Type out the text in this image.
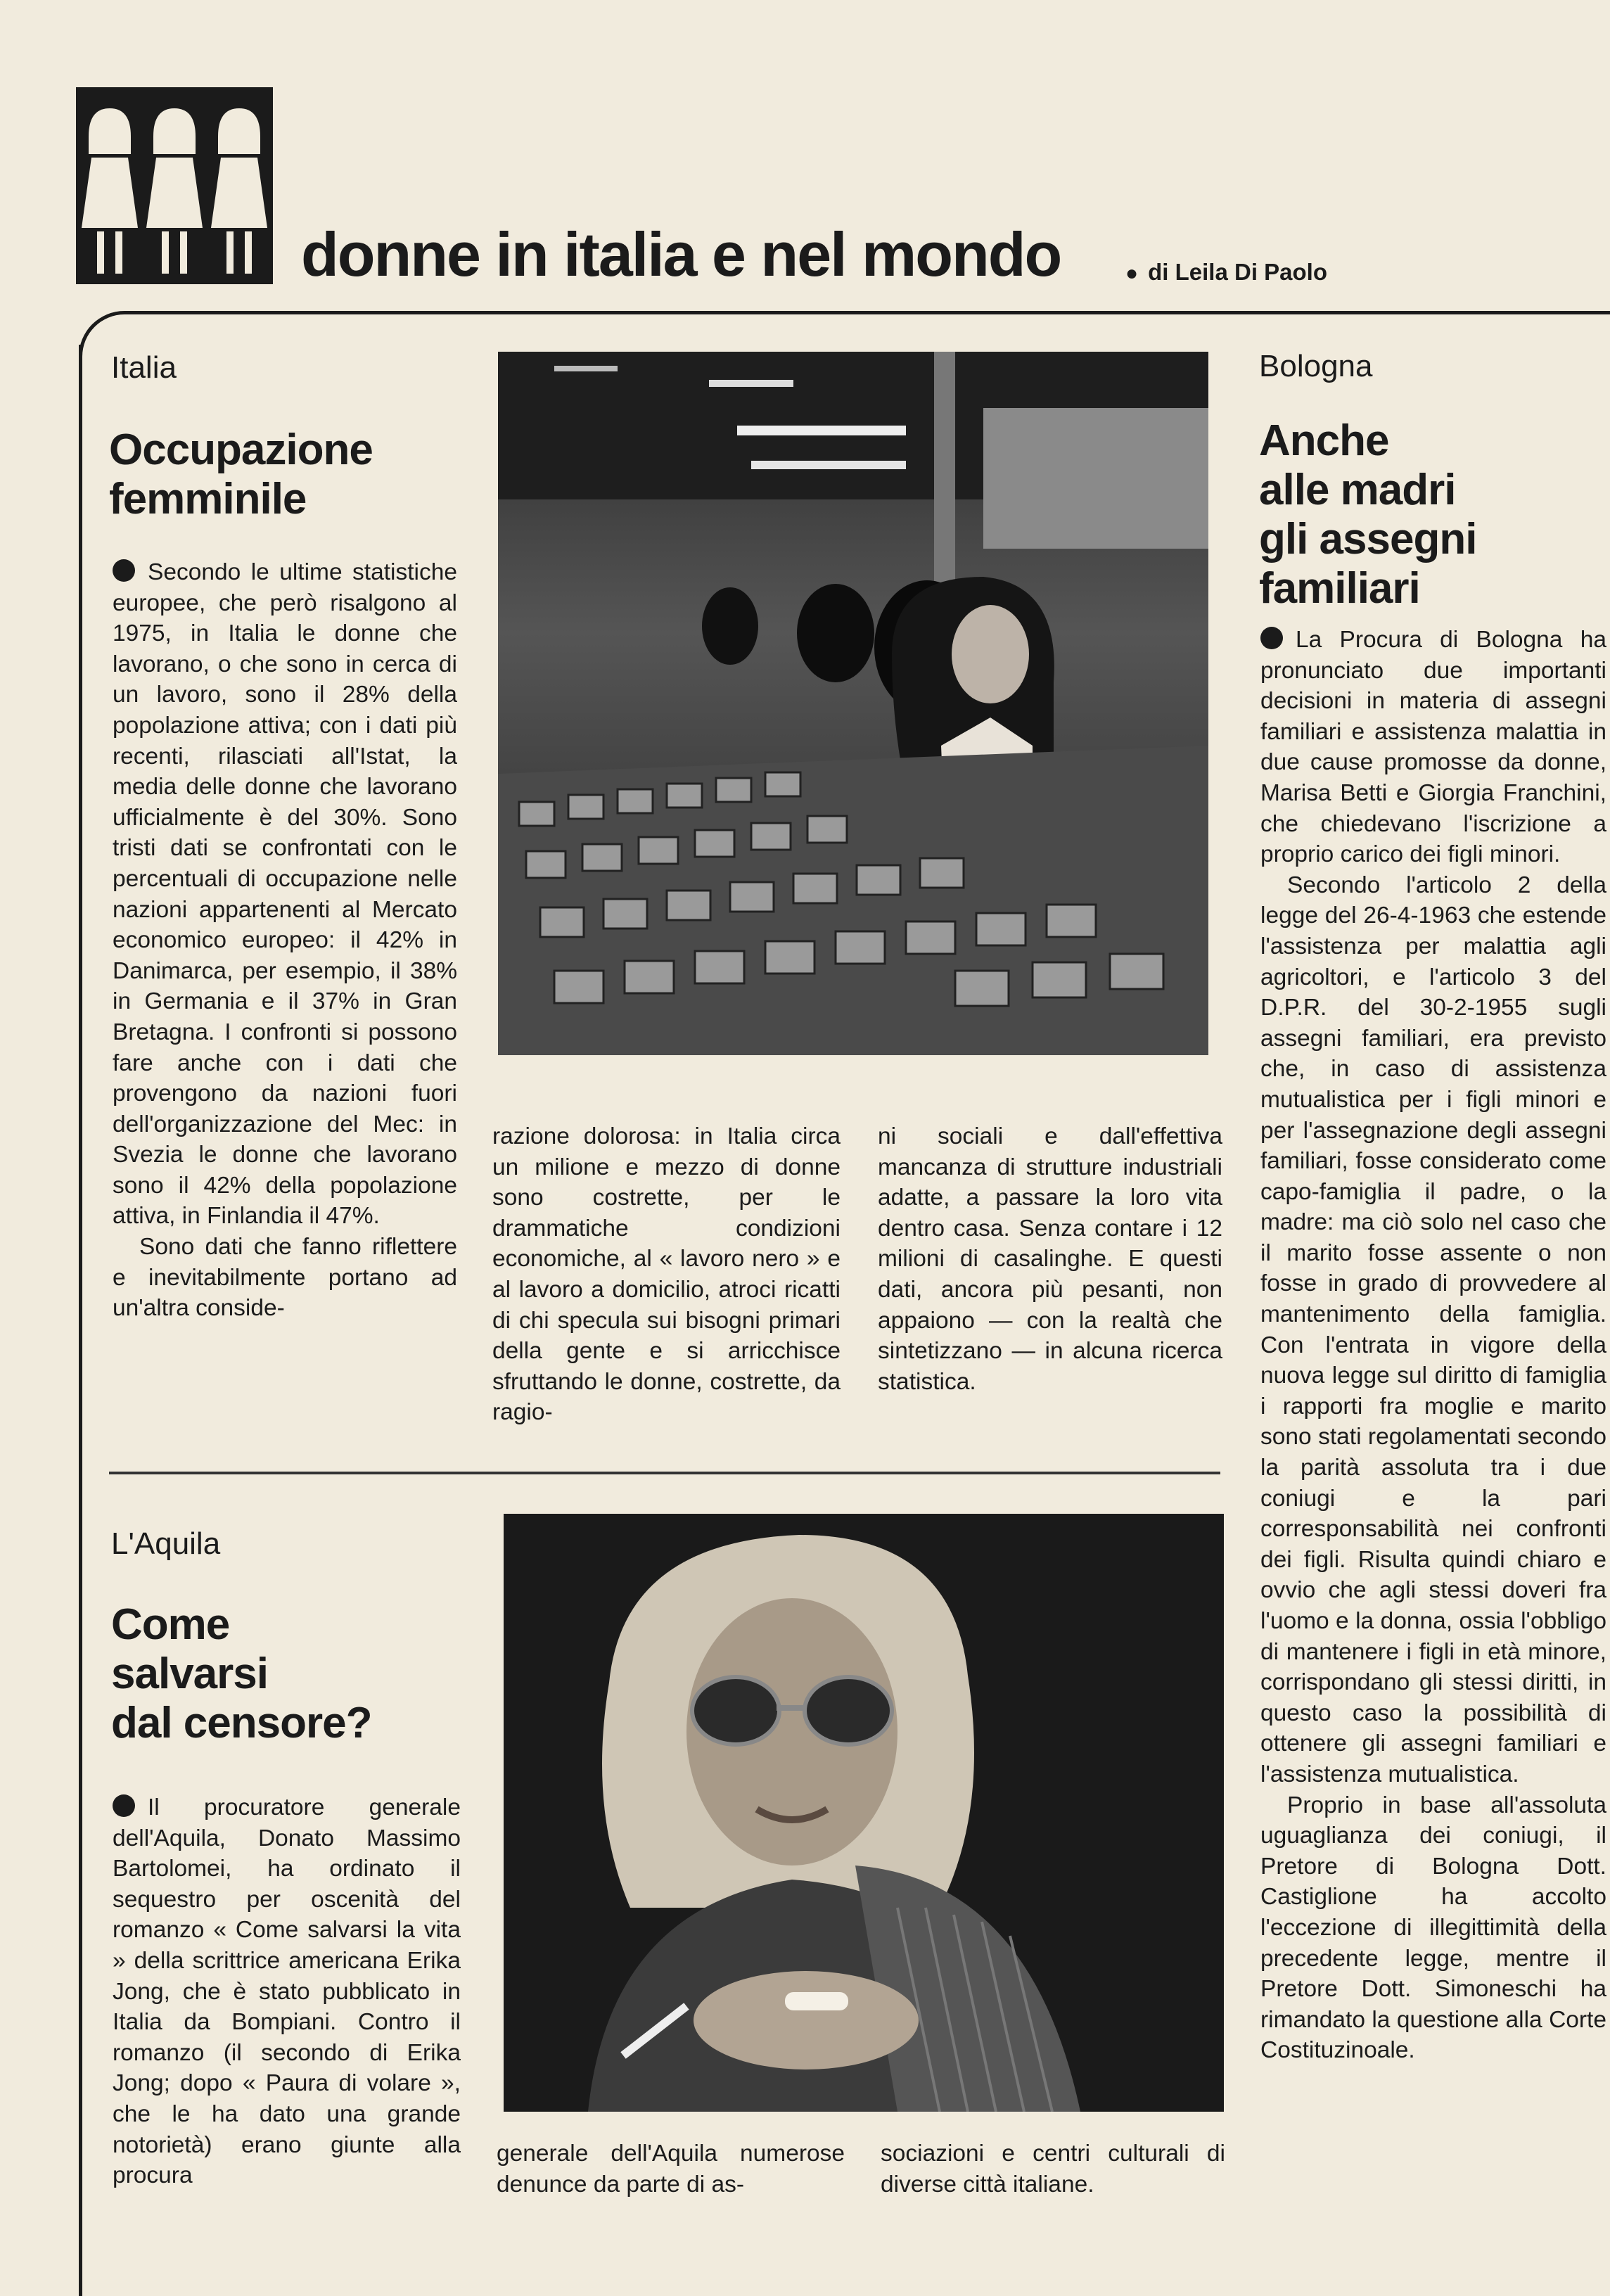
donne in italia e nel mondo	● di Leila Di Paolo
Italia
Occupazione
femminile

Secondo le ultime statistiche europee, che però risalgono al 1975, in Italia le donne che lavorano, o che sono in cerca di un lavoro, sono il 28% della popolazione attiva; con i dati più recenti, rilasciati all'Istat, la media delle donne che lavorano ufficialmente è del 30%. Sono tristi dati se confrontati con le percentuali di occupazione nelle nazioni appartenenti al Mercato economico europeo: il 42% in Danimarca, per esempio, il 38% in Germania e il 37% in Gran Bretagna. I confronti si possono fare anche con i dati che provengono da nazioni fuori dell'organizzazione del Mec: in Svezia le donne che lavorano sono il 42% della popolazione attiva, in Finlandia il 47%.

Sono dati che fanno riflettere e inevitabilmente portano ad un'altra conside-

razione dolorosa: in Italia circa un milione e mezzo di donne sono costrette, per le drammatiche condizioni economiche, al « lavoro nero » e al lavoro a domicilio, atroci ricatti di chi specula sui bisogni primari della gente e si arricchisce sfruttando le donne, costrette, da ragio-

ni sociali e dall'effettiva mancanza di strutture industriali adatte, a passare la loro vita dentro casa. Senza contare i 12 milioni di casalinghe. E questi dati, ancora più pesanti, non appaiono — con la realtà che sintetizzano — in alcuna ricerca statistica.

L'Aquila
Come
salvarsi
dal censore?

Il procuratore generale dell'Aquila, Donato Massimo Bartolomei, ha ordinato il sequestro per oscenità del romanzo « Come salvarsi la vita » della scrittrice americana Erika Jong, che è stato pubblicato in Italia da Bompiani. Contro il romanzo (il secondo di Erika Jong; dopo « Paura di volare », che le ha dato una grande notorietà) erano giunte alla procura

generale dell'Aquila numerose denunce da parte di as-

sociazioni e centri culturali di diverse città italiane.

Bologna
Anche
alle madri
gli assegni
familiari

La Procura di Bologna ha pronunciato due importanti decisioni in materia di assegni familiari e assistenza malattia in due cause promosse da donne, Marisa Betti e Giorgia Franchini, che chiedevano l'iscrizione a proprio carico dei figli minori.

Secondo l'articolo 2 della legge del 26-4-1963 che estende l'assistenza per malattia agli agricoltori, e l'articolo 3 del D.P.R. del 30-2-1955 sugli assegni familiari, era previsto che, in caso di assistenza mutualistica per i figli minori e per l'assegnazione degli assegni familiari, fosse considerato come capo-famiglia il padre, o la madre: ma ciò solo nel caso che il marito fosse assente o non fosse in grado di provvedere al mantenimento della famiglia. Con l'entrata in vigore della nuova legge sul diritto di famiglia i rapporti fra moglie e marito sono stati regolamentati secondo la parità assoluta tra i due coniugi e la pari corresponsabilità nei confronti dei figli. Risulta quindi chiaro e ovvio che agli stessi doveri fra l'uomo e la donna, ossia l'obbligo di mantenere i figli in età minore, corrispondano gli stessi diritti, in questo caso la possibilità di ottenere gli assegni familiari e l'assistenza mutualistica.

Proprio in base all'assoluta uguaglianza dei coniugi, il Pretore di Bologna Dott. Castiglione ha accolto l'eccezione di illegittimità della precedente legge, mentre il Pretore Dott. Simoneschi ha rimandato la questione alla Corte Costituzinoale.
